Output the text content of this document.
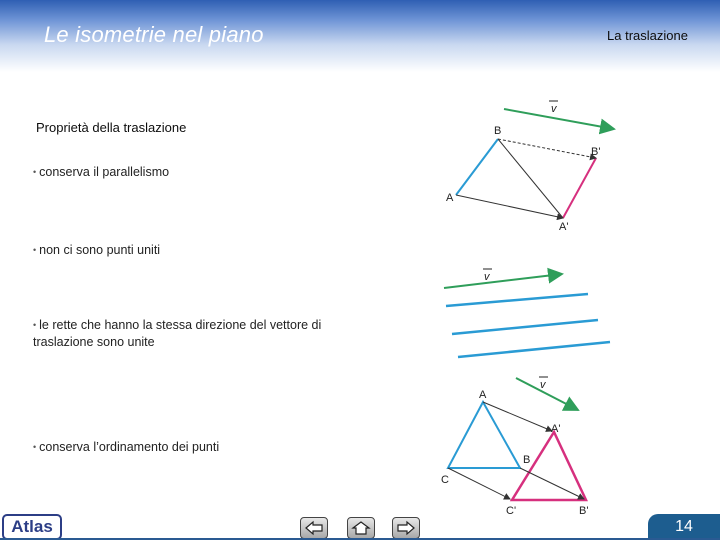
Le isometrie nel piano	La traslazione
Proprietà della traslazione
• conserva il parallelismo
• non ci sono punti uniti
• le rette che hanno la stessa direzione del vettore di traslazione sono unite
• conserva l’ordinamento dei punti
v
A
B
A'
B'
v
v
A
B
C
A'
B'
C'
Atlas	14
